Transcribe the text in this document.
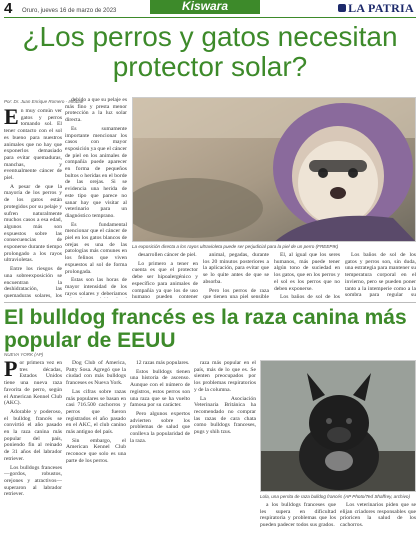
4 Oruro, jueves 16 de marzo de 2023	Kiswara	LA PATRIA
¿Los perros y gatos necesitan protector solar?
Por: Dr. Juan Enrique Romero - Infobae

En muy común ver gatos y perros tomando sol. El tener contacto con el sol es bueno para nuestros animales que no hay que exponerlos demasiado para evitar quemaduras, manchas, y eventualmente cáncer de piel.

A pesar de que la mayoría de los perros y de los gatos están protegidos por su pelaje y sufren naturalmente muchos casos a esa edad, algunos más son expuestos sobre las consecuencias de exponerse durante tiempo prolongado a los rayos ultravioletas.

Entre los riesgos de una sobreexposición se encuentran la deshidratación, las quemaduras solares, los

debido a que su pelaje es más fino y presta menor protección a la luz solar directa.

Es sumamente importante mencionar los casos con mayor exposición ya que el cáncer de piel en los animales de compañía puede aparecer en forma de pequeños bultos o heridas en el borde de las orejas. Si se evidencia una herida de este tipo que parece no sanar hay que visitar al veterinario para un diagnóstico temprano.

Es fundamental mencionar que el cáncer de piel en los gatos blancos de orejas es una de las patologías más comunes en los felinos que viven expuestos al sol de forma prolongada.

Estas son las horas de mayor intensidad de los rayos solares y deberíamos

La exposición directa a los rayos ultravioleta puede ser perjudicial para la piel de un perro (FREEPIK)

desarrollen cáncer de piel.

Lo primero a tener en cuenta es que el protector debe ser hipoalergénico y específico para animales de compañía ya que los de uso humano pueden contener

animal, pegadas, durante los 20 minutos posteriores a la aplicación, para evitar que se lo quite antes de que se absorba.

Pero los perros de raza que tienen una piel sensible

El, al igual que los seres humanos, más puede tener algún tono de suciedad en los gatos, que en los perros y el sol es los perros que no deben exponerse.

Los baños de sol de los

Los baños de sol de los gatos y perros son, sin duda, una estrategia para mantener su temperatura corporal en el invierno, pero se pueden poner tanto a la intemperie como a la sombra para regular su

El bulldog francés es la raza canina más popular de EEUU
NUEVA YORK (AP)

Por primera vez en tres décadas, Estados Unidos tiene una nueva raza favorita de perro, según el American Kennel Club (AKC).

Adorable y poderoso, el bulldog francés se convirtió el año pasado en la raza canina más popular del país, poniendo fin al reinado de 31 años del labrador retriever.

Los bulldogs franceses —gordos, robustos, orejones y atractivos— superaron al labrador retriever.

Dog Club of America, Patty Sosa. Agregó que la ciudad con más bulldogs franceses es Nueva York.

Las cifras sobre razas más populares se basan en casi 716.500 cachorros y perros que fueron registrados el año pasado en el AKC, el club canino más antiguo del país.

Sin embargo, el American Kennel Club reconoce que solo es una parte de los perros.

12 razas más populares.

Estos bulldogs tienen una historia de ascenso. Aunque con el número de registros, estos perros son una raza que se ha vuelto famosa por su carácter.

Pero algunos expertos advierten sobre los problemas de salud que conlleva la popularidad de la raza.

raza más popular en el país, más de lo que es. Se sienten preocupados por los problemas respiratorios y de la columna.

La Asociación Veterinaria Británica ha recomendado no comprar las razas de cara chata como bulldogs franceses, pugs y shih tzus.

Lola, una perrita de raza bulldog francés (AP Photo/Ted Shaffrey, archivo)

a los bulldogs franceses que les supera en dificultad respiratoria y problemas que los pueden padecer todos sus grados.

Los veterinarios piden que se elijan criadores responsables que prioricen la salud de los cachorros.
